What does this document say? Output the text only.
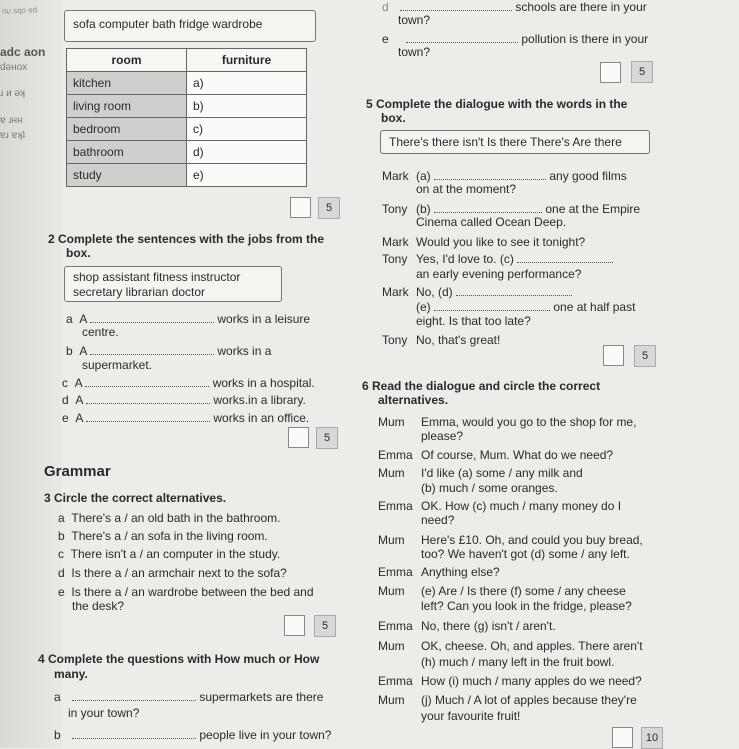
nu sqo ed
adc aon
dәнох
ɹ и әʞ
ɐ ɹнн
ɐɹ ɐʞʇ
sofa computer bath fridge wardrobe
room	furniture
kitchen	a)
living room	b)
bedroom	c)
bathroom	d)
study	e)
5
2 Complete the sentences with the jobs from the
box.
shop assistant fitness instructor
secretary librarian doctor
a A	works in a leisure
centre.
b A	works in a
supermarket.
c A	works in a hospital.
d A	works.in a library.
e A	works in an office.
5
Grammar
3 Circle the correct alternatives.
a There's a / an old bath in the bathroom.
b There's a / an sofa in the living room.
c There isn't a / an computer in the study.
d Is there a / an armchair next to the sofa?
e Is there a / an wardrobe between the bed and
the desk?
5
4 Complete the questions with How much or How
many.
a	supermarkets are there
in your town?
b	people live in your town?
d	schools are there in your
town?
e	pollution is there in your
town?
5
5 Complete the dialogue with the words in the
box.
There's there isn't Is there There's Are there
Mark (a)	any good films
on at the moment?
Tony (b)	one at the Empire
Cinema called Ocean Deep.
Mark Would you like to see it tonight?
Tony Yes, I'd love to. (c)
an early evening performance?
Mark No, (d)
(e)	one at half past
eight. Is that too late?
Tony No, that's great!
5
6 Read the dialogue and circle the correct
alternatives.
Mum Emma, would you go to the shop for me,
please?
Emma Of course, Mum. What do we need?
Mum I'd like (a) some / any milk and
(b) much / some oranges.
Emma OK. How (c) much / many money do I
need?
Mum Here's £10. Oh, and could you buy bread,
too? We haven't got (d) some / any left.
Emma Anything else?
Mum (e) Are / Is there (f) some / any cheese
left? Can you look in the fridge, please?
Emma No, there (g) isn't / aren't.
Mum OK, cheese. Oh, and apples. There aren't
(h) much / many left in the fruit bowl.
Emma How (i) much / many apples do we need?
Mum (j) Much / A lot of apples because they're
your favourite fruit!
10
